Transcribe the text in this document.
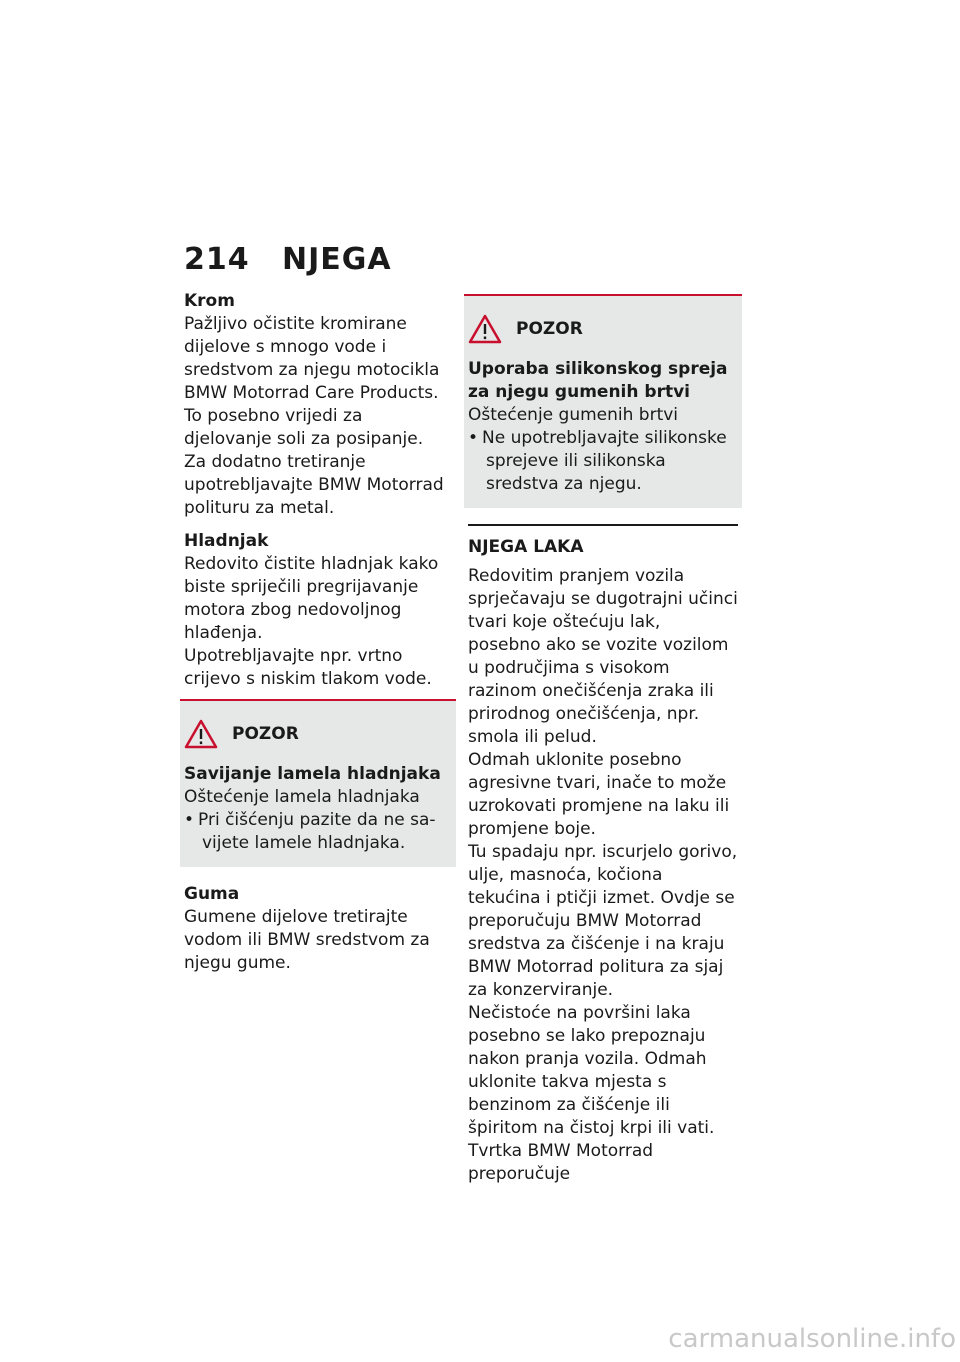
214 NJEGA

Krom

Pažljivo očistite kromirane dijelove s mnogo vode i sredstvom za njegu motocikla BMW Motorrad Care Products. To posebno vrijedi za djelovanje soli za posipanje.

Za dodatno tretiranje upotrebljavajte BMW Motorrad polituru za metal.

Hladnjak

Redovito čistite hladnjak kako biste spriječili pregrijavanje motora zbog nedovoljnog hlađenja.

Upotrebljavajte npr. vrtno crijevo s niskim tlakom vode.

POZOR

Savijanje lamela hladnjaka

Oštećenje lamela hladnjaka

• Pri čišćenju pazite da ne sa-

vijete lamele hladnjaka.

Guma

Gumene dijelove tretirajte vodom ili BMW sredstvom za njegu gume.

POZOR

Uporaba silikonskog spreja za njegu gumenih brtvi

Oštećenje gumenih brtvi

• Ne upotrebljavajte silikonske

sprejeve ili silikonska sredstva za njegu.

NJEGA LAKA

Redovitim pranjem vozila sprječavaju se dugotrajni učinci tvari koje oštećuju lak, posebno ako se vozite vozilom u područjima s visokom razinom onečišćenja zraka ili prirodnog onečišćenja, npr. smola ili pelud.

Odmah uklonite posebno agresivne tvari, inače to može uzrokovati promjene na laku ili promjene boje.

Tu spadaju npr. iscurjelo gorivo, ulje, masnoća, kočiona tekućina i ptičji izmet. Ovdje se preporučuju BMW Motorrad sredstva za čišćenje i na kraju BMW Motorrad politura za sjaj za konzerviranje.

Nečistoće na površini laka posebno se lako prepoznaju nakon pranja vozila. Odmah uklonite takva mjesta s benzinom za čišćenje ili špiritom na čistoj krpi ili vati. Tvrtka BMW Motorrad preporučuje

carmanualsonline.info
